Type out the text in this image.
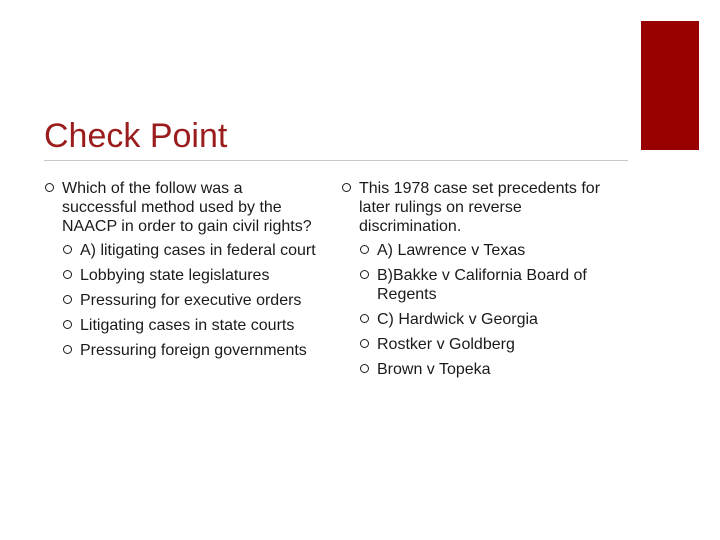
Check Point
Which of the follow was a successful method used by the NAACP in order to gain civil rights?
A) litigating cases in federal court
Lobbying state legislatures
Pressuring for executive orders
Litigating cases in state courts
Pressuring foreign governments
This 1978 case set precedents for later rulings on reverse discrimination.
A) Lawrence v Texas
B)Bakke v California Board of Regents
C) Hardwick v Georgia
Rostker v Goldberg
Brown v Topeka
